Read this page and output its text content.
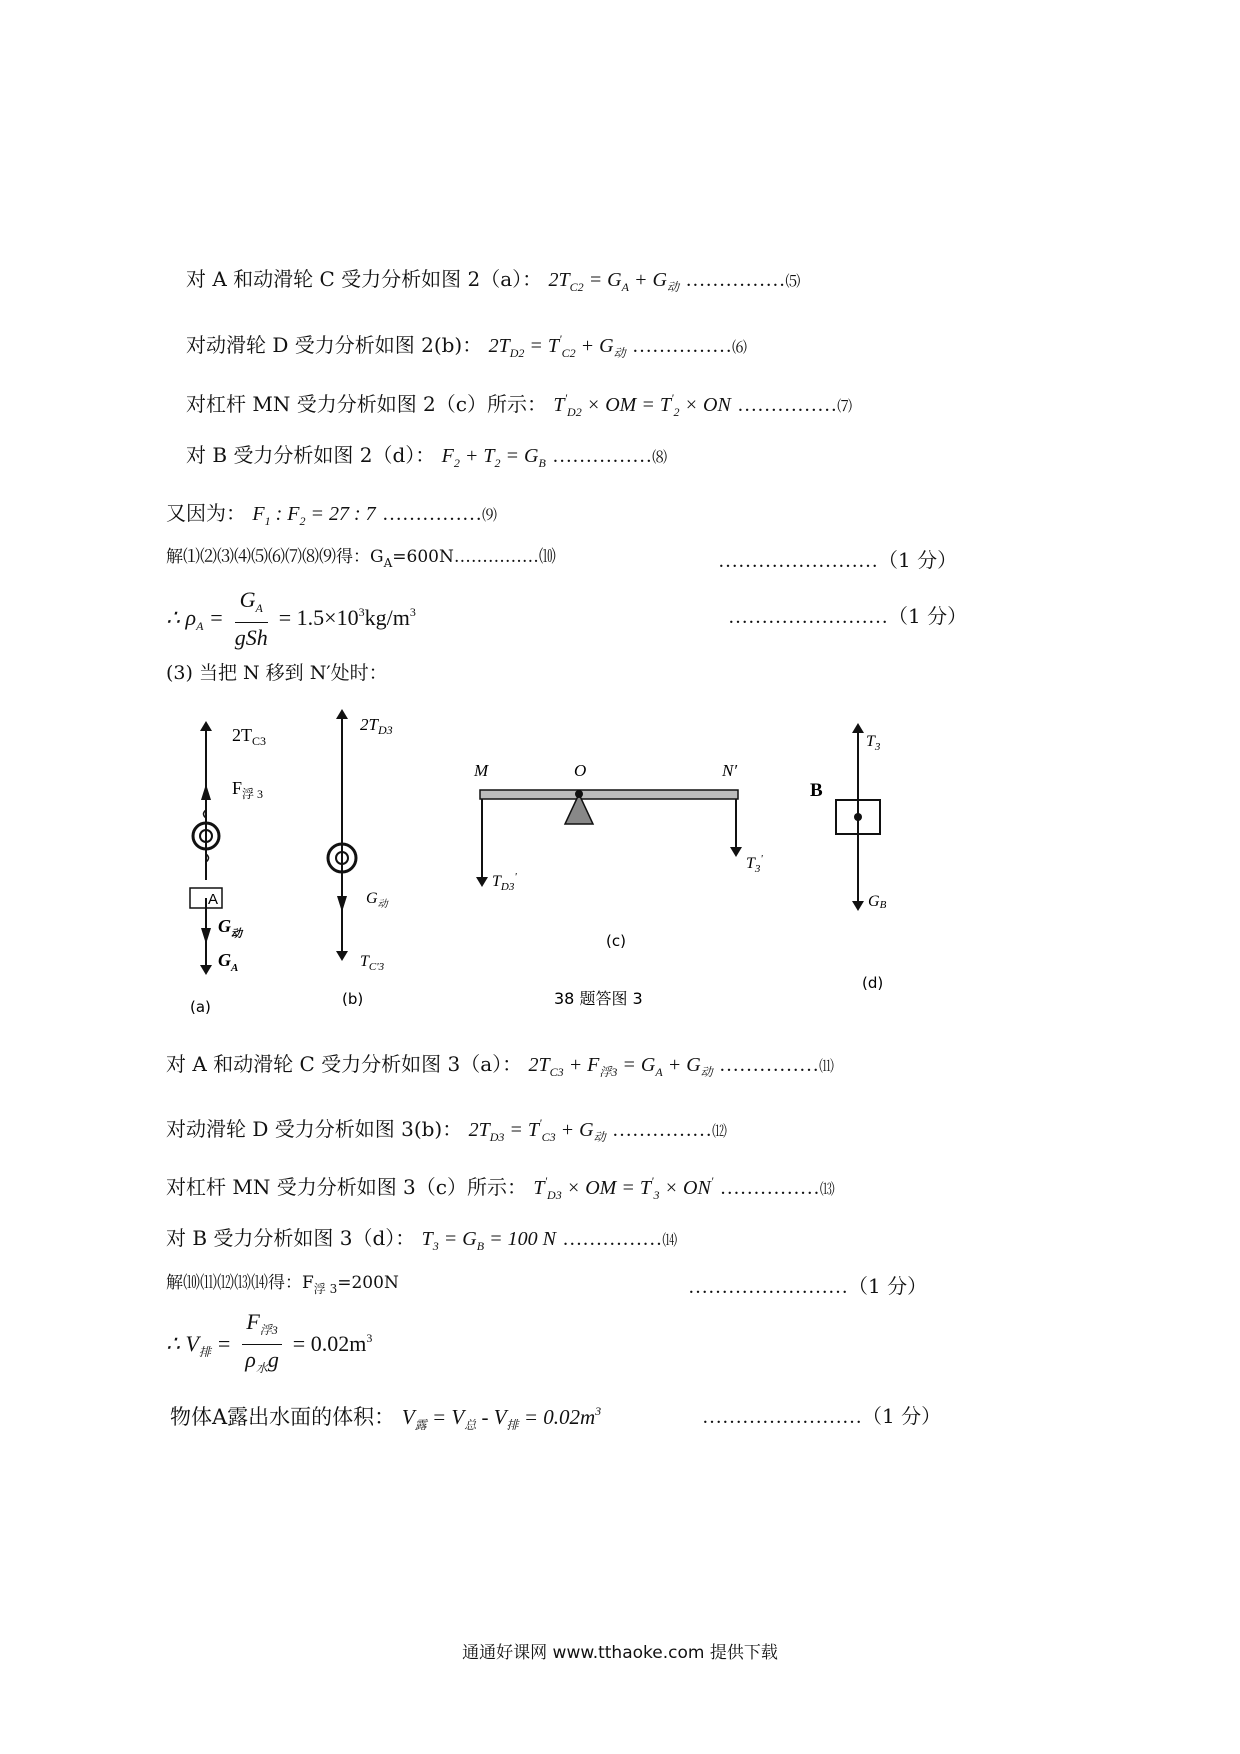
对 A 和动滑轮 C 受力分析如图 2（a）： $2T_{C2} = G_A + G_动$ ……………⑸
对动滑轮 D 受力分析如图 2(b)： $2T_{D2} = T'_{C2} + G_动$ ……………⑹
对杠杆 MN 受力分析如图 2（c）所示： $T'_{D2}$ × OM = $T'_2$ × ON ……………⑺
对 B 受力分析如图 2（d）： $F_2 + T_2 = G_B$ ……………⑻
又因为： $F_1$ : $F_2 = 27$ : 7 ……………⑼
解⑴⑵⑶⑷⑸⑹⑺⑻⑼得：$G_A=600N\dots\dots\dots\dots\dots ⑽$	……………………（1 分）
∴ $\rho_A = \frac{G_A}{\text{gSh}} = 1.5\times 10^3kg/m^3$	……………………（1 分）
(3) 当把 N 移到 N′处时：
A
$2T_{C3}$
$F_{浮 3}$
$G_动$
$G_A$
(a)
$2T_{D3}$
$G_动$
$T_{C'3}$
(b)
M	O	N′
$T_{D3}'$
$T_3'$
(c)
38 题答图 3
B
$T_3$
GB
(d)
对 A 和动滑轮 C 受力分析如图 3（a）： $2T_{C3} + F_{浮3} = G_A + G_动$ ……………⑾
对动滑轮 D 受力分析如图 3(b)： $2T_{D3} = T'_{C3} + G_动$ ……………⑿
对杠杆 MN 受力分析如图 3（c）所示： $T'_{D3}$ × OM = $T'_3 \times ON'$ ……………⒀
对 B 受力分析如图 3（d）： $T_3 = G_B = 100$ N ……………⒁
解⑽⑾⑿⒀⒁得：$F_{浮 3}=200N$	……………………（1 分）
∴ $V_排 = \frac{F_{浮3}}{\rho_水g} = 0.02m^3$
物体A露出水面的体积： $V_露 = V_总 - V_排 = 0.02m^3$	……………………（1 分）
通通好课网 www.tthaoke.com 提供下载
